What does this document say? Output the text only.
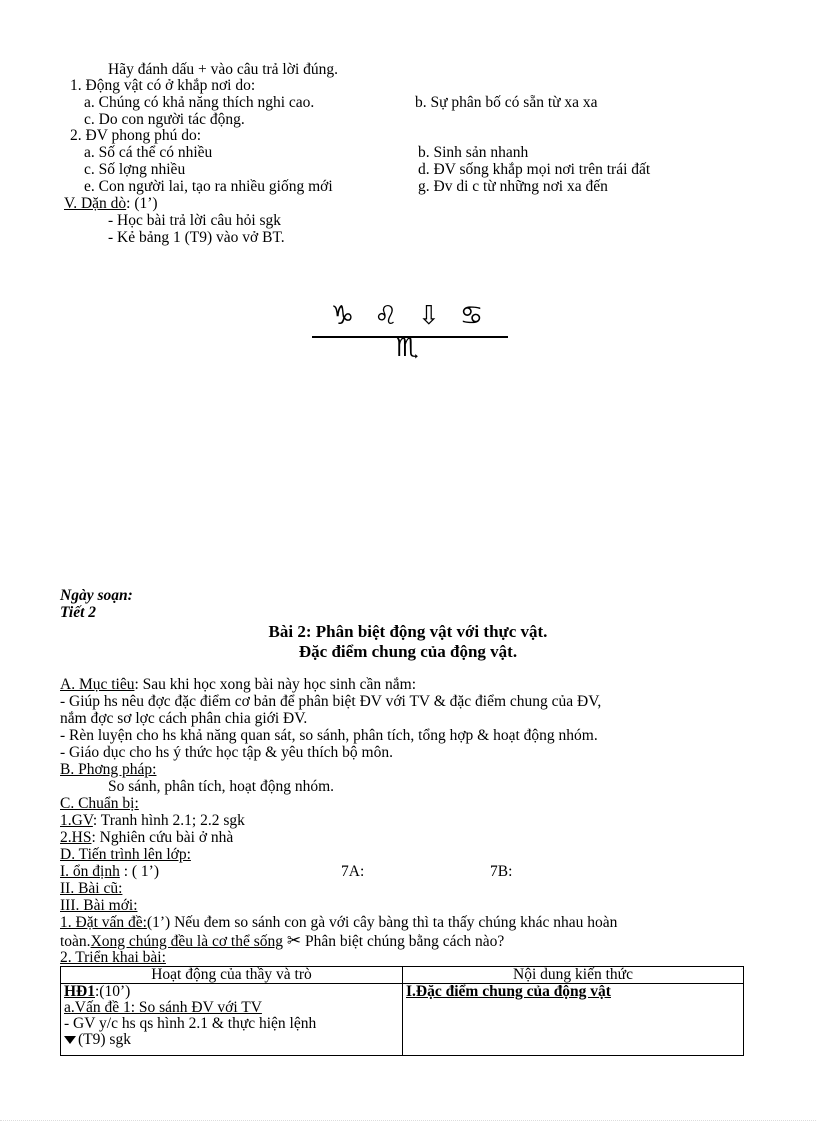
Hãy đánh dấu + vào câu trả lời đúng.
1. Động vật có ở khắp nơi do:
a. Chúng có khả năng thích nghi cao.	b. Sự phân bố có sẵn từ xa xa
c. Do con người tác động.
2. ĐV phong phú do:
a. Số cá thể có nhiều	b. Sinh sản nhanh
c. Số lợng nhiều	d. ĐV sống khắp mọi nơi trên trái đất
e. Con người lai, tạo ra nhiều giống mới	g. Đv di c từ những nơi xa đến
V. Dặn dò: (1’)
- Học bài trả lời câu hỏi sgk
- Kẻ bảng 1 (T9) vào vở BT.
♑ ♌ ⇩ ♋ ♏
Ngày soạn:
Tiết 2
Bài 2: Phân biệt động vật với thực vật.
Đặc điểm chung của động vật.
A. Mục tiêu: Sau khi học xong bài này học sinh cần nắm:
- Giúp hs nêu đợc đặc điểm cơ bản để phân biệt ĐV với TV & đặc điểm chung của ĐV,
nắm đợc sơ lợc cách phân chia giới ĐV.
- Rèn luyện cho hs khả năng quan sát, so sánh, phân tích, tổng hợp & hoạt động nhóm.
- Giáo dục cho hs ý thức học tập & yêu thích bộ môn.
B. Phơng pháp:
So sánh, phân tích, hoạt động nhóm.
C. Chuẩn bị:
1.GV: Tranh hình 2.1; 2.2 sgk
2.HS: Nghiên cứu bài ở nhà
D. Tiến trình lên lớp:
I. ổn định : ( 1’)	7A:	7B:
II. Bài cũ:
III. Bài mới:
1. Đặt vấn đề:(1’) Nếu đem so sánh con gà với cây bàng thì ta thấy chúng khác nhau hoàn
toàn.Xong chúng đều là cơ thể sống ✂ Phân biệt chúng bằng cách nào?
2. Triển khai bài:
Hoạt động của thầy và trò	Nội dung kiến thức

HĐ1:(10’)
a.Vấn đề 1: So sánh ĐV với TV
- GV y/c hs qs hình 2.1 & thực hiện lệnh
(T9) sgk	I.Đặc điểm chung của động vật
